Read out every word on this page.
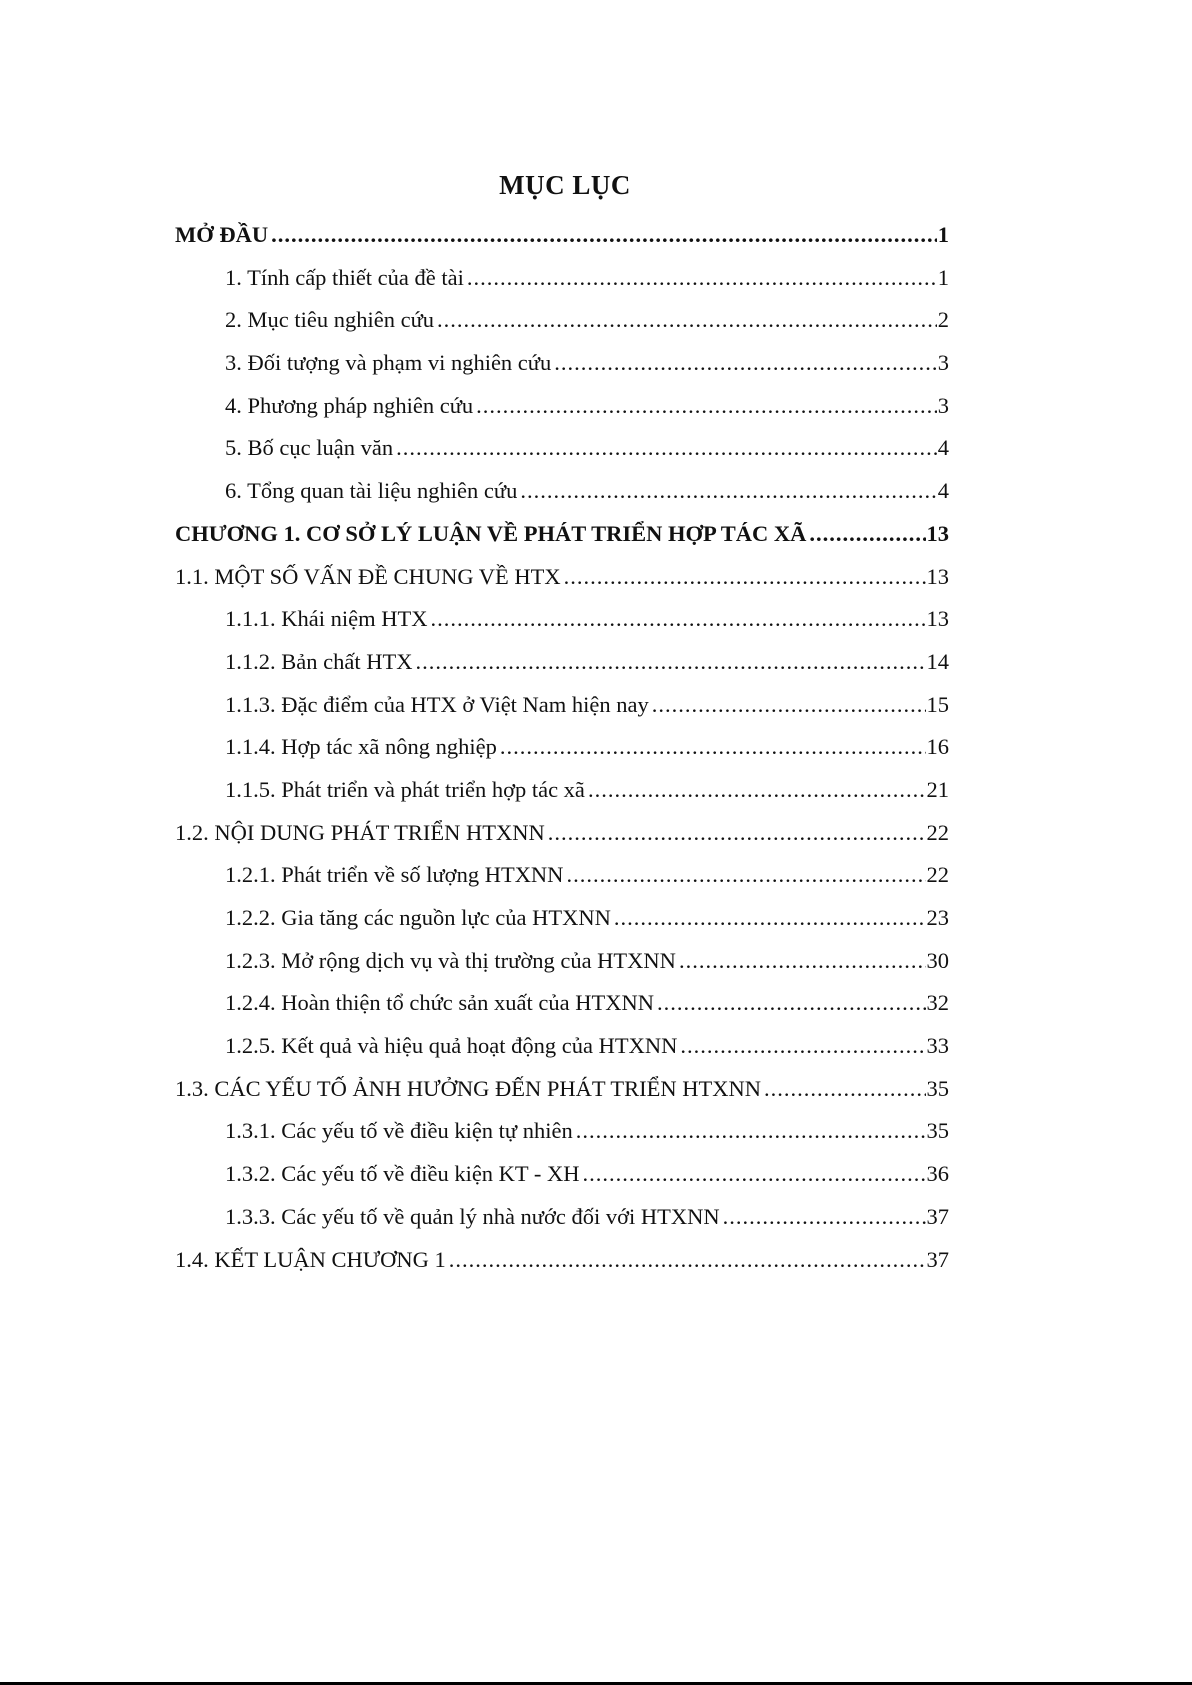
MỤC LỤC
MỞ ĐẦU .....	1
1. Tính cấp thiết của đề tài .....	1
2. Mục tiêu nghiên cứu .....	2
3. Đối tượng và phạm vi nghiên cứu .....	3
4. Phương pháp nghiên cứu .....	3
5. Bố cục luận văn .....	4
6. Tổng quan tài liệu nghiên cứu .....	4
CHƯƠNG 1. CƠ SỞ LÝ LUẬN VỀ PHÁT TRIỂN HỢP TÁC XÃ .....	13
1.1. MỘT SỐ VẤN ĐỀ CHUNG VỀ HTX .....	13
1.1.1. Khái niệm HTX .....	13
1.1.2. Bản chất HTX .....	14
1.1.3. Đặc điểm của HTX ở Việt Nam hiện nay .....	15
1.1.4. Hợp tác xã nông nghiệp .....	16
1.1.5. Phát triển và phát triển hợp tác xã .....	21
1.2. NỘI DUNG PHÁT TRIỂN HTXNN .....	22
1.2.1. Phát triển về số lượng HTXNN .....	22
1.2.2. Gia tăng các nguồn lực của HTXNN .....	23
1.2.3. Mở rộng dịch vụ và thị trường của HTXNN .....	30
1.2.4. Hoàn thiện tổ chức sản xuất của HTXNN .....	32
1.2.5. Kết quả và hiệu quả hoạt động của HTXNN .....	33
1.3. CÁC YẾU TỐ ẢNH HƯỞNG ĐẾN PHÁT TRIỂN HTXNN .....	35
1.3.1. Các yếu tố về điều kiện tự nhiên .....	35
1.3.2. Các yếu tố về điều kiện KT - XH .....	36
1.3.3. Các yếu tố về quản lý nhà nước đối với HTXNN .....	37
1.4. KẾT LUẬN CHƯƠNG 1 .....	37
